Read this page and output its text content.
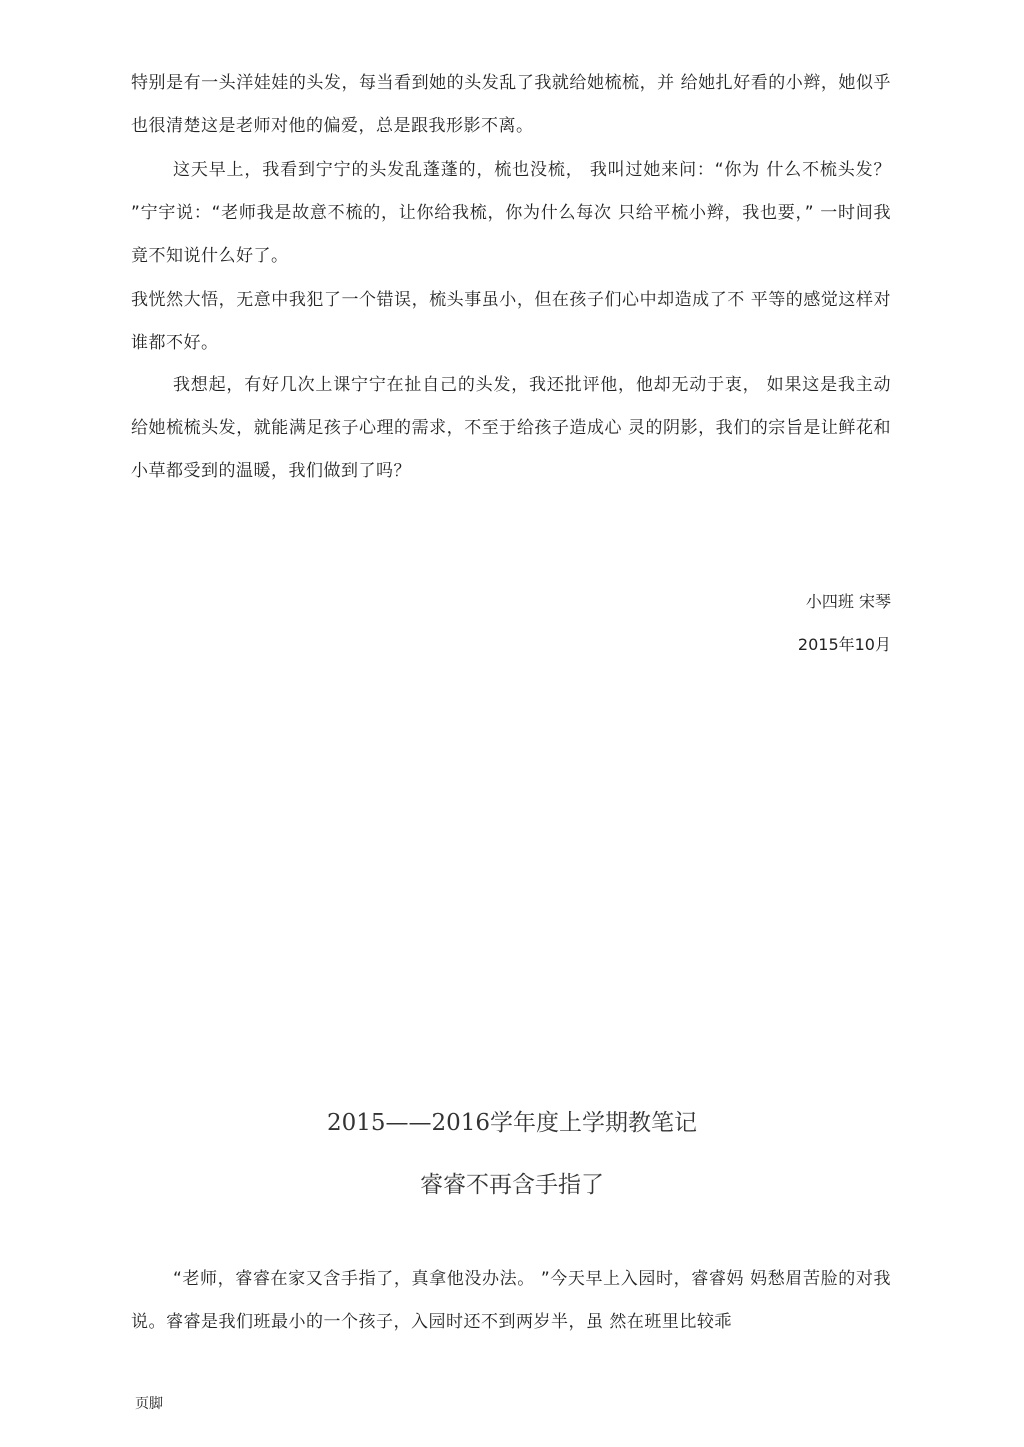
特别是有一头洋娃娃的头发，每当看到她的头发乱了我就给她梳梳，并 给她扎好看的小辫，她似乎也很清楚这是老师对他的偏爱，总是跟我形影不离。

这天早上，我看到宁宁的头发乱蓬蓬的，梳也没梳， 我叫过她来问：“你为 什么不梳头发？ ”宁宇说：“老师我是故意不梳的，让你给我梳，你为什么每次 只给平梳小辫，我也要，” 一时间我竟不知说什么好了。

我恍然大悟，无意中我犯了一个错误，梳头事虽小，但在孩子们心中却造成了不 平等的感觉这样对谁都不好。

我想起，有好几次上课宁宁在扯自己的头发，我还批评他，他却无动于衷， 如果这是我主动给她梳梳头发，就能满足孩子心理的需求，不至于给孩子造成心 灵的阴影，我们的宗旨是让鲜花和小草都受到的温暖，我们做到了吗？

小四班 宋琴
2015年10月
2015——2016学年度上学期教笔记
睿睿不再含手指了

“老师，睿睿在家又含手指了，真拿他没办法。 ”今天早上入园时，睿睿妈 妈愁眉苦脸的对我说。睿睿是我们班最小的一个孩子，入园时还不到两岁半，虽 然在班里比较乖

页脚
